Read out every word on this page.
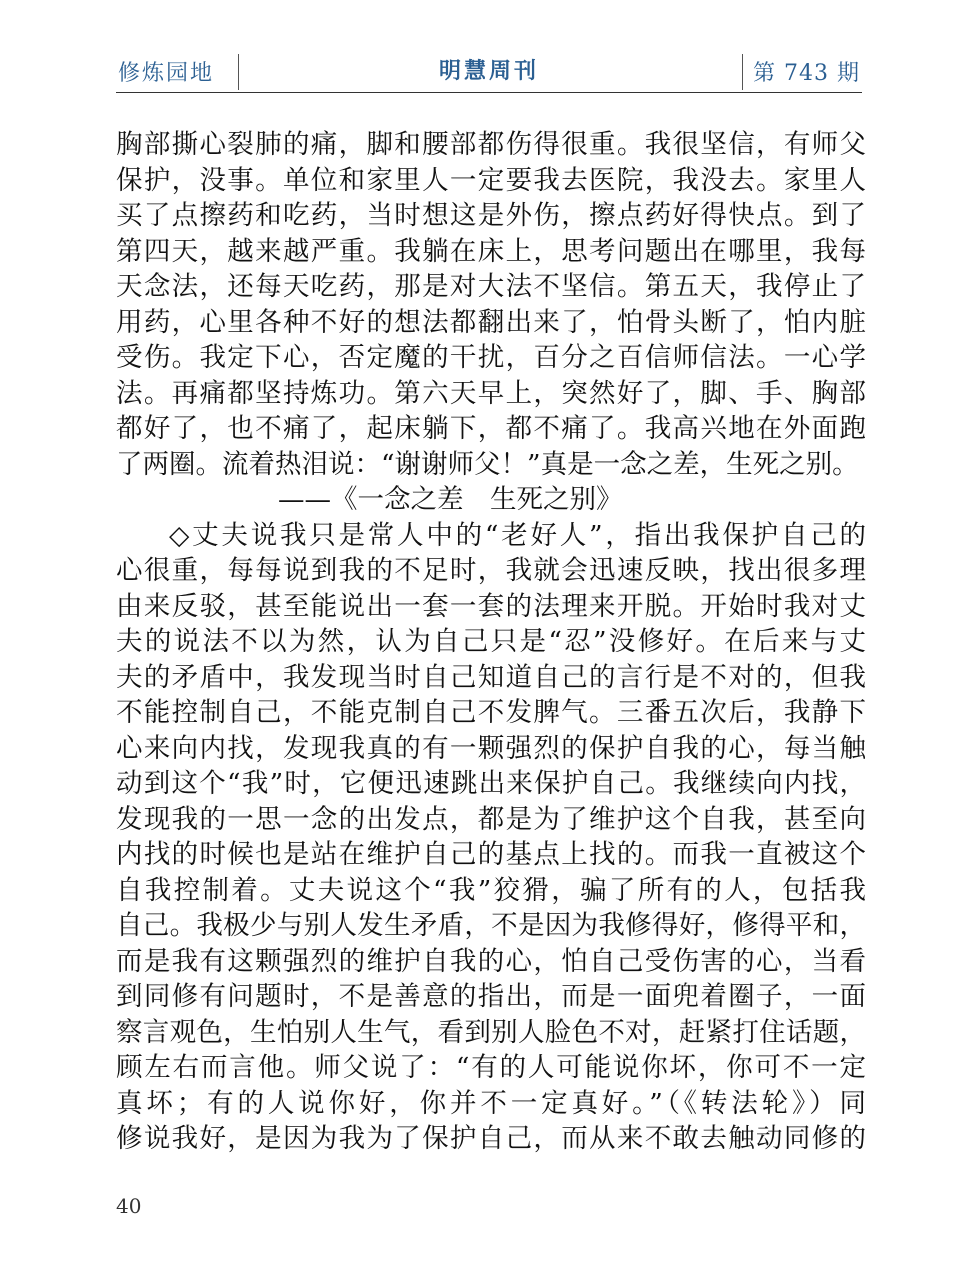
修炼园地	明慧周刊	第 743 期
胸部撕心裂肺的痛，脚和腰部都伤得很重。我很坚信，有师父
保护，没事。单位和家里人一定要我去医院，我没去。家里人
买了点擦药和吃药，当时想这是外伤，擦点药好得快点。到了
第四天，越来越严重。我躺在床上，思考问题出在哪里，我每
天念法，还每天吃药，那是对大法不坚信。第五天，我停止了
用药，心里各种不好的想法都翻出来了，怕骨头断了，怕内脏
受伤。我定下心，否定魔的干扰，百分之百信师信法。一心学
法。再痛都坚持炼功。第六天早上，突然好了，脚、手、胸部
都好了，也不痛了，起床躺下，都不痛了。我高兴地在外面跑
了两圈。流着热泪说：“谢谢师父！”真是一念之差，生死之别。
——《一念之差　生死之别》
◇丈夫说我只是常人中的“老好人”，指出我保护自己的
心很重，每每说到我的不足时，我就会迅速反映，找出很多理
由来反驳，甚至能说出一套一套的法理来开脱。开始时我对丈
夫的说法不以为然，认为自己只是“忍”没修好。在后来与丈
夫的矛盾中，我发现当时自己知道自己的言行是不对的，但我
不能控制自己，不能克制自己不发脾气。三番五次后，我静下
心来向内找，发现我真的有一颗强烈的保护自我的心，每当触
动到这个“我”时，它便迅速跳出来保护自己。我继续向内找，
发现我的一思一念的出发点，都是为了维护这个自我，甚至向
内找的时候也是站在维护自己的基点上找的。而我一直被这个
自我控制着。丈夫说这个“我”狡猾，骗了所有的人，包括我
自己。我极少与别人发生矛盾，不是因为我修得好，修得平和，
而是我有这颗强烈的维护自我的心，怕自己受伤害的心，当看
到同修有问题时，不是善意的指出，而是一面兜着圈子，一面
察言观色，生怕别人生气，看到别人脸色不对，赶紧打住话题，
顾左右而言他。师父说了：“有的人可能说你坏，你可不一定
真坏；有的人说你好，你并不一定真好。”（《转法轮》）同
修说我好，是因为我为了保护自己，而从来不敢去触动同修的
40
